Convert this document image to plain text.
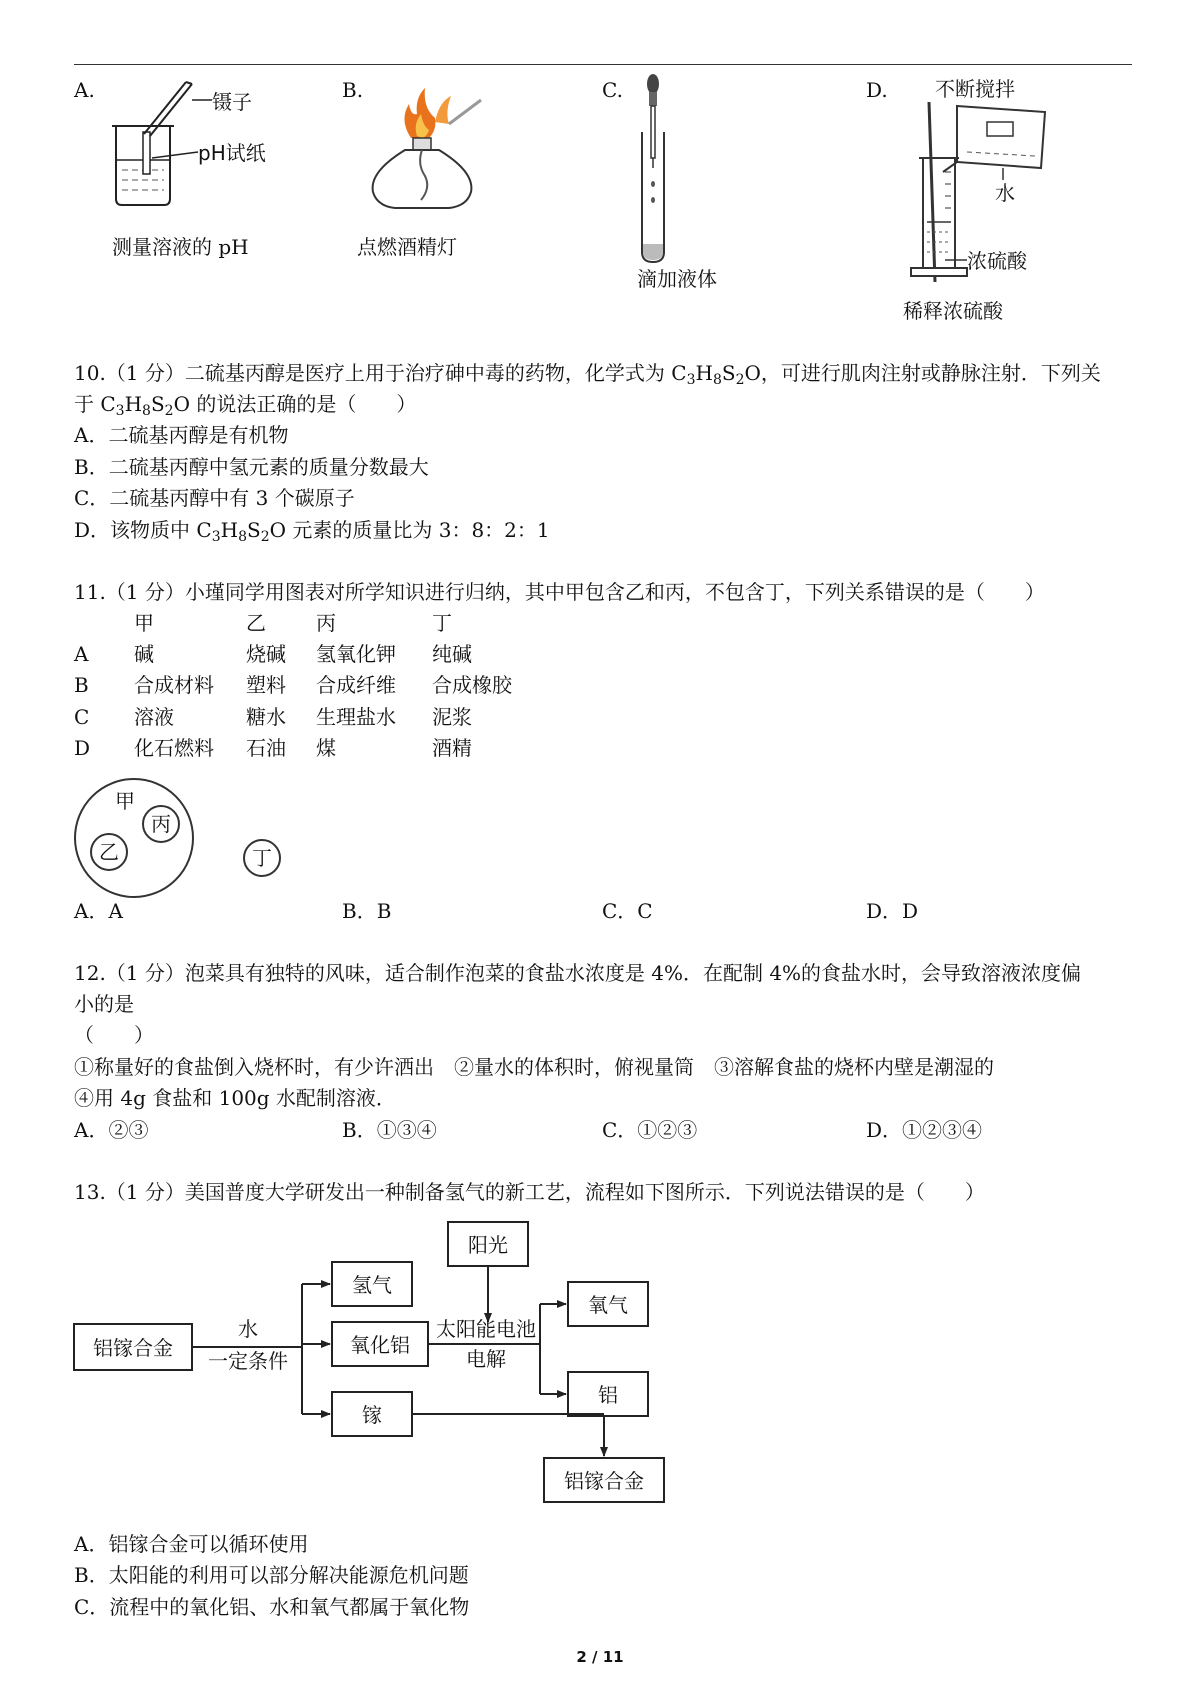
A.	镊子
pH试纸
测量溶液的 pH
B.
点燃酒精灯
C.
滴加液体
D. 不断搅拌
水
浓硫酸
稀释浓硫酸
10.（1 分）二硫基丙醇是医疗上用于治疗砷中毒的药物，化学式为 $C_3H_8S_2O$，可进行肌肉注射或静脉注射．下列关
于 $C_3H_8S_2O$ 的说法正确的是（　　）
A．二硫基丙醇是有机物
B．二硫基丙醇中氢元素的质量分数最大
C．二硫基丙醇中有 3 个碳原子
D．该物质中 $C_3H_8S_2O$ 元素的质量比为 3：8：2：1
11.（1 分）小瑾同学用图表对所学知识进行归纳，其中甲包含乙和丙，不包含丁，下列关系错误的是（　　）
甲	乙	丙	丁
A 碱	烧碱 氢氧化钾 纯碱
B 合成材料 塑料 合成纤维 合成橡胶
C 溶液	糖水 生理盐水 泥浆
D 化石燃料 石油 煤	酒精
甲
乙
丙
丁
A．A	B．B	C．C	D．D
12.（1 分）泡菜具有独特的风味，适合制作泡菜的食盐水浓度是 4%．在配制 4%的食盐水时，会导致溶液浓度偏
小的是
（　　）
①称量好的食盐倒入烧杯时，有少许洒出　②量水的体积时，俯视量筒　③溶解食盐的烧杯内壁是潮湿的
④用 4g 食盐和 100g 水配制溶液．
A．②③	B．①③④	C．①②③	D．①②③④
13.（1 分）美国普度大学研发出一种制备氢气的新工艺，流程如下图所示．下列说法错误的是（　　）
铝镓合金
水
一定条件
氢气
氧化铝
镓
阳光
太阳能电池
电解
氧气
铝
铝镓合金
A．铝镓合金可以循环使用
B．太阳能的利用可以部分解决能源危机问题
C．流程中的氧化铝、水和氧气都属于氧化物
2 / 11
